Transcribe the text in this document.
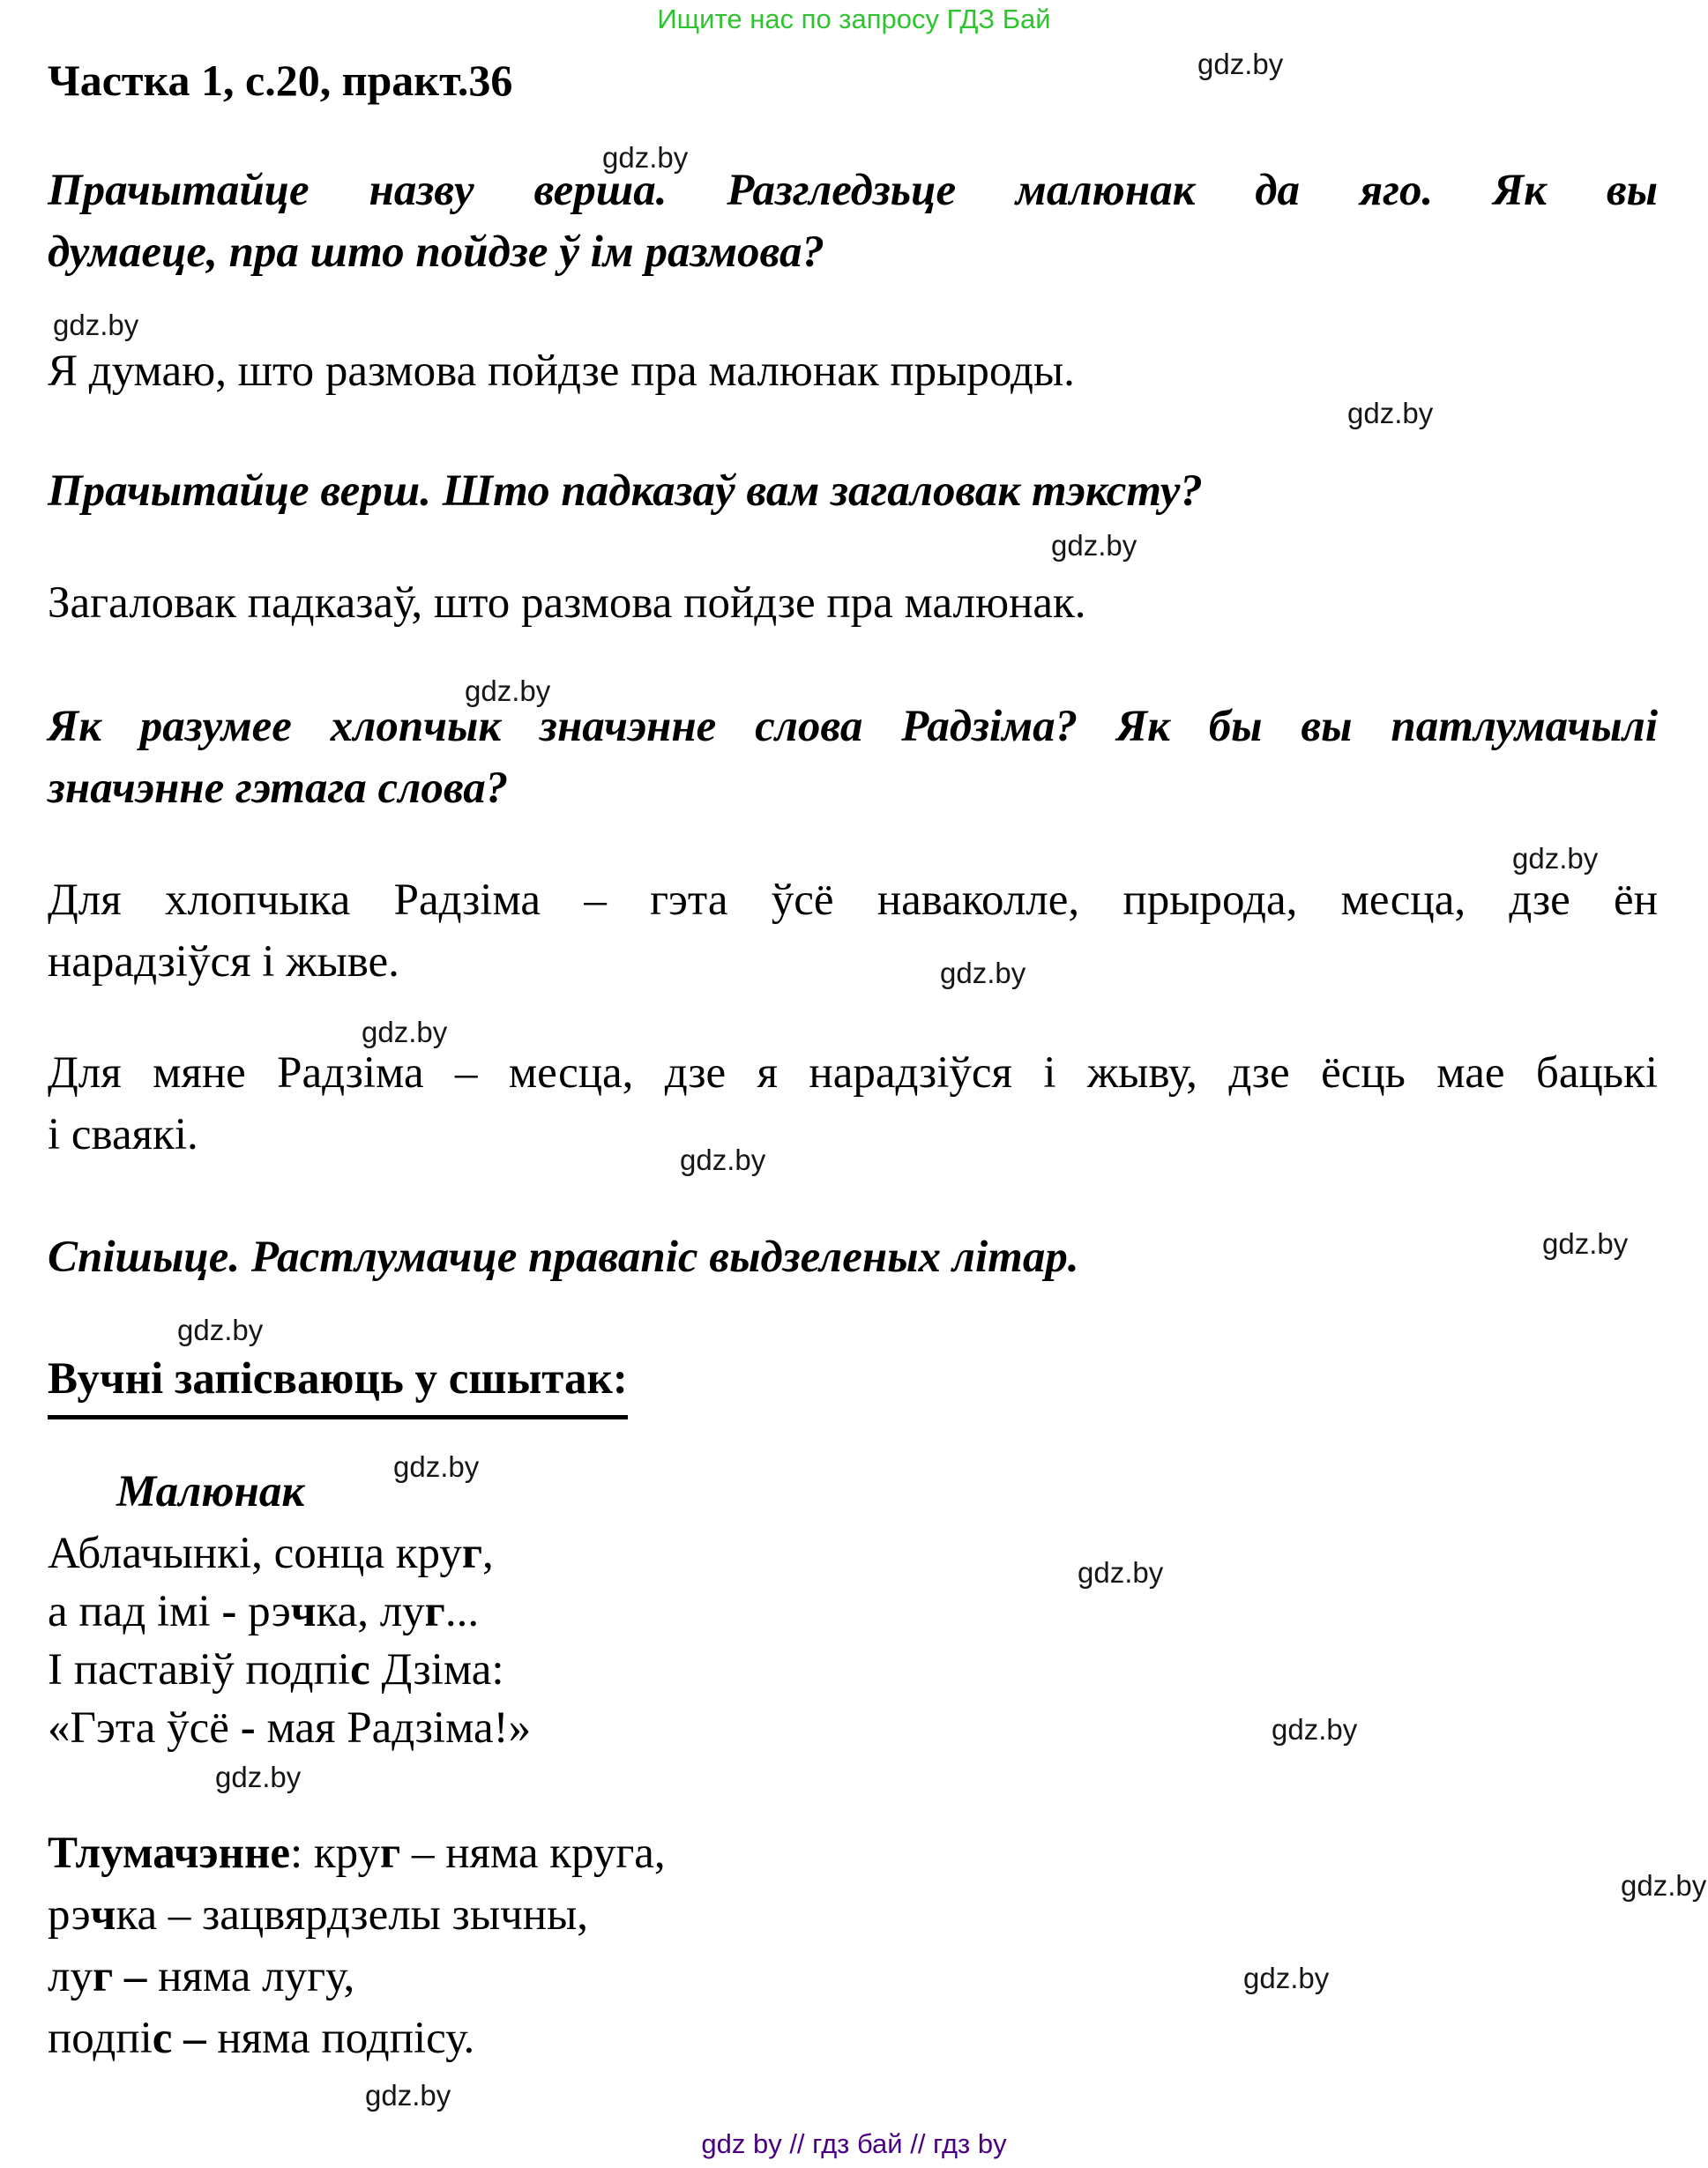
Ищите нас по запросу ГДЗ Бай
Частка 1, с.20, практ.36
Прачытайце назву верша. Разгледзьце малюнак да яго. Як вы
думаеце, пра што пойдзе ў ім размова?
Я думаю, што размова пойдзе пра малюнак прыроды.
Прачытайце верш. Што падказаў вам загаловак тэксту?
Загаловак падказаў, што размова пойдзе пра малюнак.
Як разумее хлопчык значэнне слова Радзіма? Як бы вы патлумачылі
значэнне гэтага слова?
Для хлопчыка Радзіма – гэта ўсё наваколле, прырода, месца, дзе ён
нарадзіўся і жыве.
Для мяне Радзіма – месца, дзе я нарадзіўся і жыву, дзе ёсць мае бацькі
і сваякі.
Спішыце. Растлумачце правапіс выдзеленых літар.
Вучні запісваюць у сшытак:
Малюнак
Аблачынкі, сонца круг,
а пад імі - рэчка, луг...
І паставіў подпіс Дзіма:
«Гэта ўсё - мая Радзіма!»
Тлумачэнне: круг – няма круга,
рэчка – зацвярдзелы зычны,
луг – няма лугу,
подпіс – няма подпісу.
gdz by // гдз бай // гдз by
gdz.by
gdz.by
gdz.by
gdz.by
gdz.by
gdz.by
gdz.by
gdz.by
gdz.by
gdz.by
gdz.by
gdz.by
gdz.by
gdz.by
gdz.by
gdz.by
gdz.by
gdz.by
gdz.by
